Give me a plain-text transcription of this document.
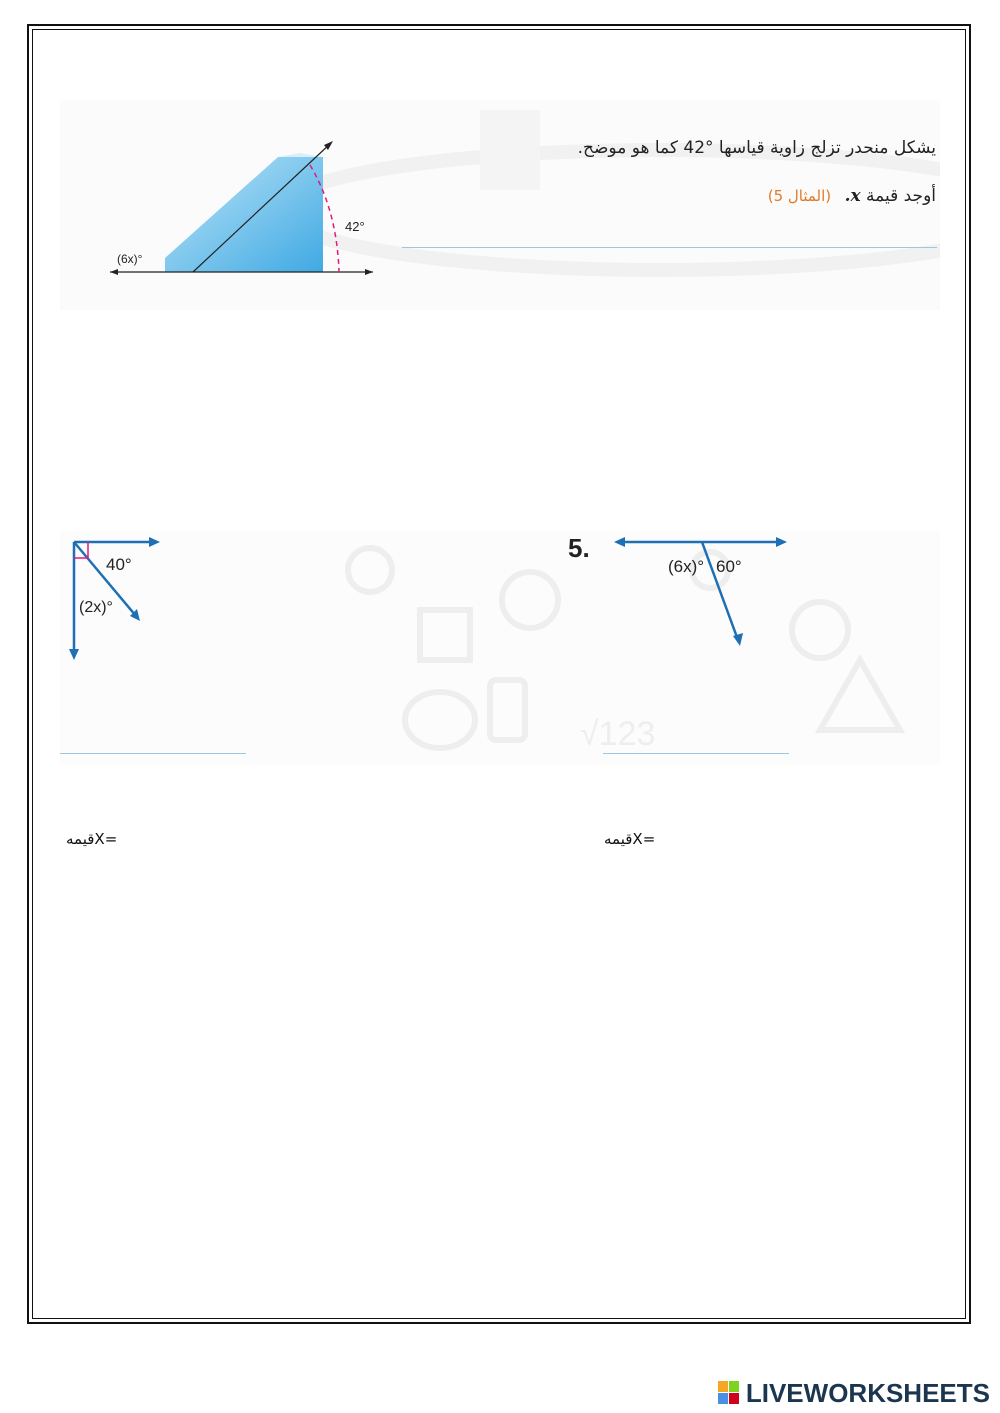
يشكل منحدر تزلج زاوية قياسها °42 كما هو موضح.
أوجد قيمة x. (المثال 5)
42°
(6x)°
√123
40°
(2x)°
5.
(6x)° 60°
قيمهX=	قيمهX=
LIVEWORKSHEETS
